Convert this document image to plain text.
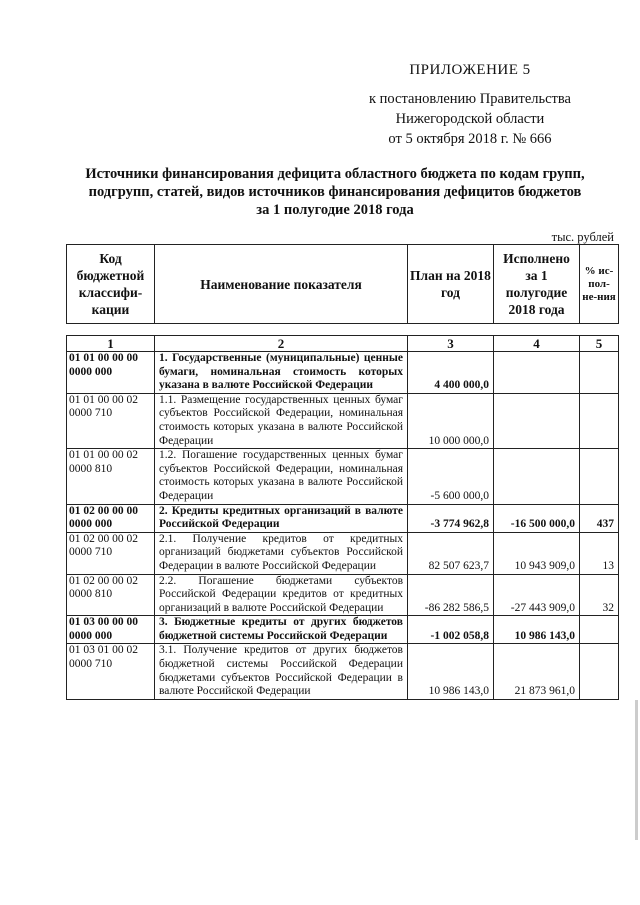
ПРИЛОЖЕНИЕ 5
к постановлению Правительства
Нижегородской области
от 5 октября 2018 г. № 666
Источники финансирования дефицита областного бюджета по кодам групп,
подгрупп, статей, видов источников финансирования дефицитов бюджетов
за 1 полугодие 2018 года
тыс. рублей
Код бюджетной классифи-кации	Наименование показателя	План на 2018 год	Исполнено за 1 полугодие 2018 года	% ис-пол-не-ния
1	2	3	4	5
01 01 00 00 00 0000 000	1. Государственные (муниципальные) ценные бумаги, номинальная стоимость которых указана в валюте Российской Федерации	4 400 000,0		
01 01 00 00 02 0000 710	1.1. Размещение государственных ценных бумаг субъектов Российской Федерации, номинальная стоимость которых указана в валюте Российской Федерации	10 000 000,0		
01 01 00 00 02 0000 810	1.2. Погашение государственных ценных бумаг субъектов Российской Федерации, номинальная стоимость которых указана в валюте Российской Федерации	-5 600 000,0		
01 02 00 00 00 0000 000	2. Кредиты кредитных организаций в валюте Российской Федерации	-3 774 962,8	-16 500 000,0	437
01 02 00 00 02 0000 710	2.1. Получение кредитов от кредитных организаций бюджетами субъектов Российской Федерации в валюте Российской Федерации	82 507 623,7	10 943 909,0	13
01 02 00 00 02 0000 810	2.2. Погашение бюджетами субъектов Российской Федерации кредитов от кредитных организаций в валюте Российской Федерации	-86 282 586,5	-27 443 909,0	32
01 03 00 00 00 0000 000	3. Бюджетные кредиты от других бюджетов бюджетной системы Российской Федерации	-1 002 058,8	10 986 143,0	
01 03 01 00 02 0000 710	3.1. Получение кредитов от других бюджетов бюджетной системы Российской Федерации бюджетами субъектов Российской Федерации в валюте Российской Федерации	10 986 143,0	21 873 961,0	
